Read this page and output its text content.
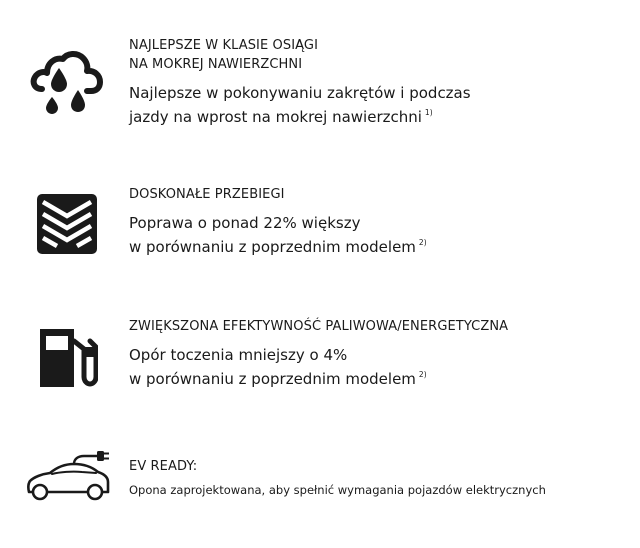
NAJLEPSZE W KLASIE OSIĄGI
NA MOKREJ NAWIERZCHNI
Najlepsze w pokonywaniu zakrętów i podczas
jazdy na wprost na mokrej nawierzchni $^{1)}$
DOSKONAŁE PRZEBIEGI
Poprawa o ponad 22% większy
w porównaniu z poprzednim modelem $^{2)}$
ZWIĘKSZONA EFEKTYWNOŚĆ PALIWOWA/ENERGETYCZNA
Opór toczenia mniejszy o 4%
w porównaniu z poprzednim modelem $^{2)}$
EV READY:
Opona zaprojektowana, aby spełnić wymagania pojazdów elektrycznych
